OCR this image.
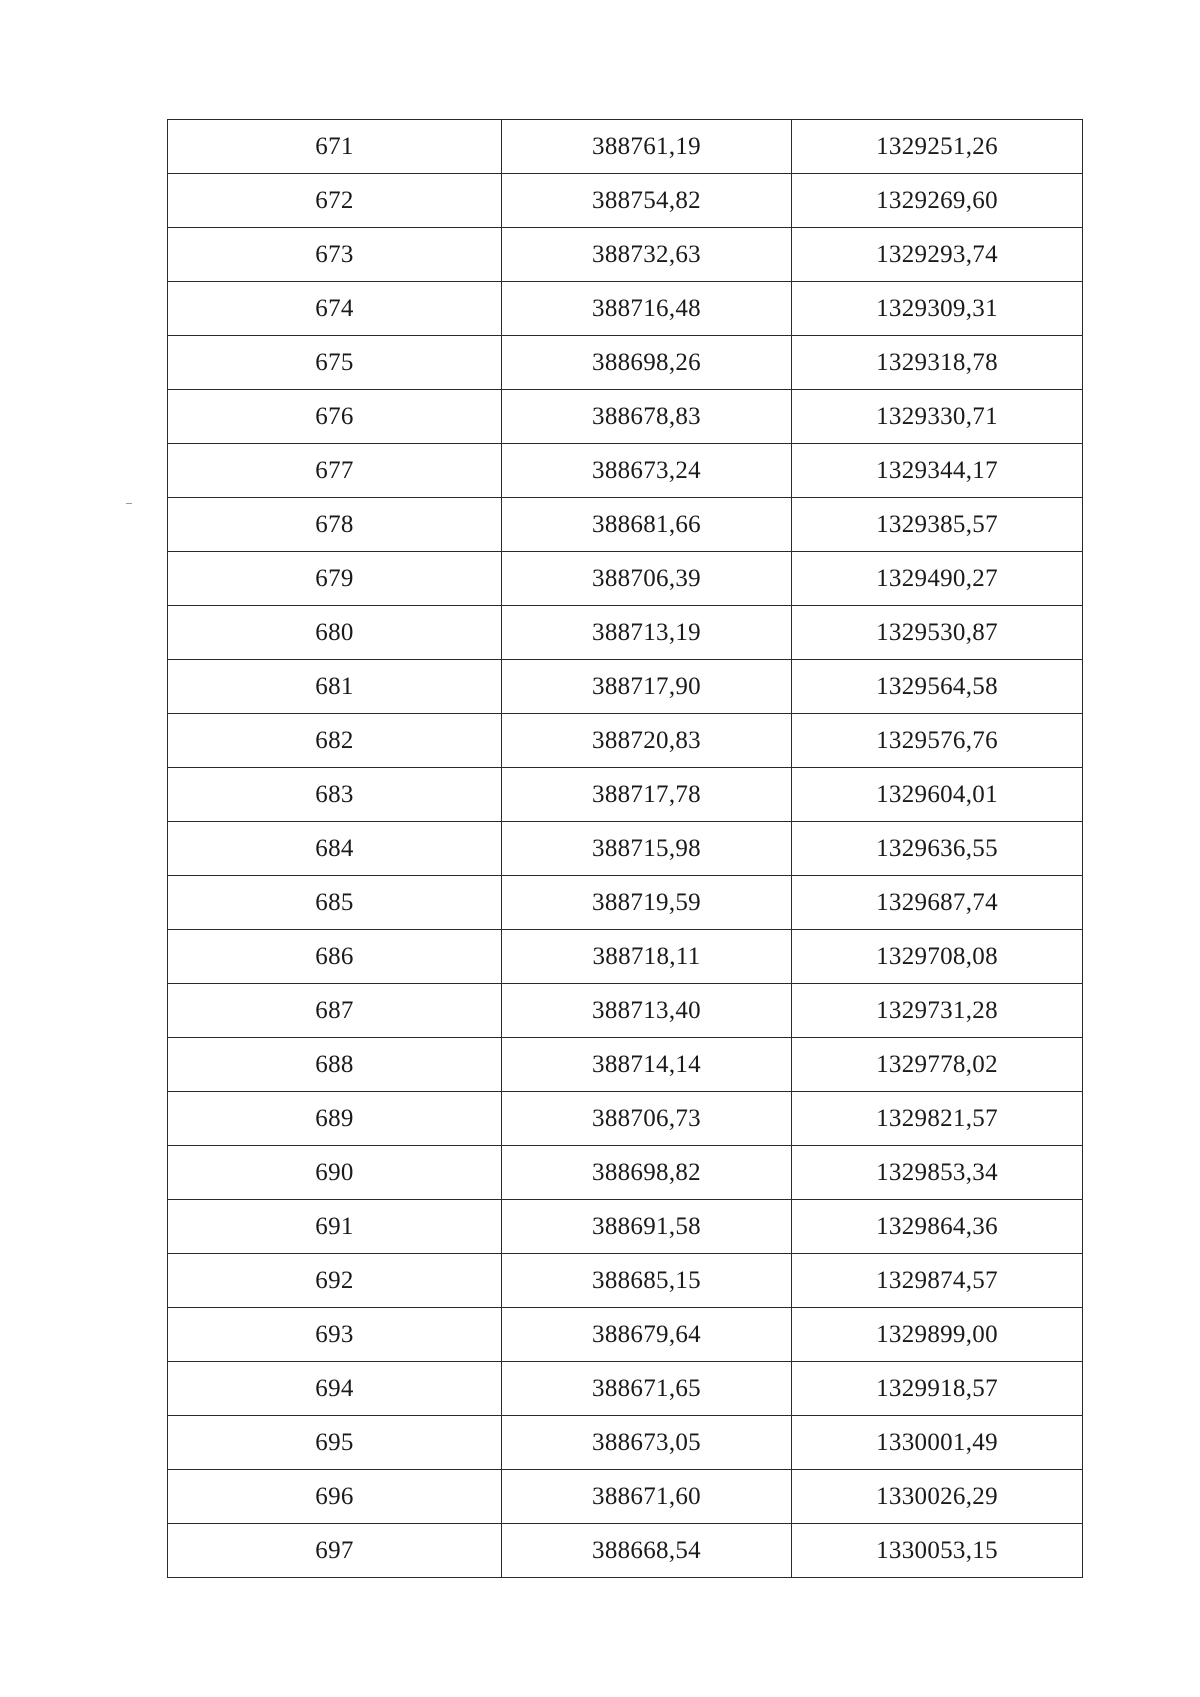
671	388761,19	1329251,26
672	388754,82	1329269,60
673	388732,63	1329293,74
674	388716,48	1329309,31
675	388698,26	1329318,78
676	388678,83	1329330,71
677	388673,24	1329344,17
678	388681,66	1329385,57
679	388706,39	1329490,27
680	388713,19	1329530,87
681	388717,90	1329564,58
682	388720,83	1329576,76
683	388717,78	1329604,01
684	388715,98	1329636,55
685	388719,59	1329687,74
686	388718,11	1329708,08
687	388713,40	1329731,28
688	388714,14	1329778,02
689	388706,73	1329821,57
690	388698,82	1329853,34
691	388691,58	1329864,36
692	388685,15	1329874,57
693	388679,64	1329899,00
694	388671,65	1329918,57
695	388673,05	1330001,49
696	388671,60	1330026,29
697	388668,54	1330053,15
